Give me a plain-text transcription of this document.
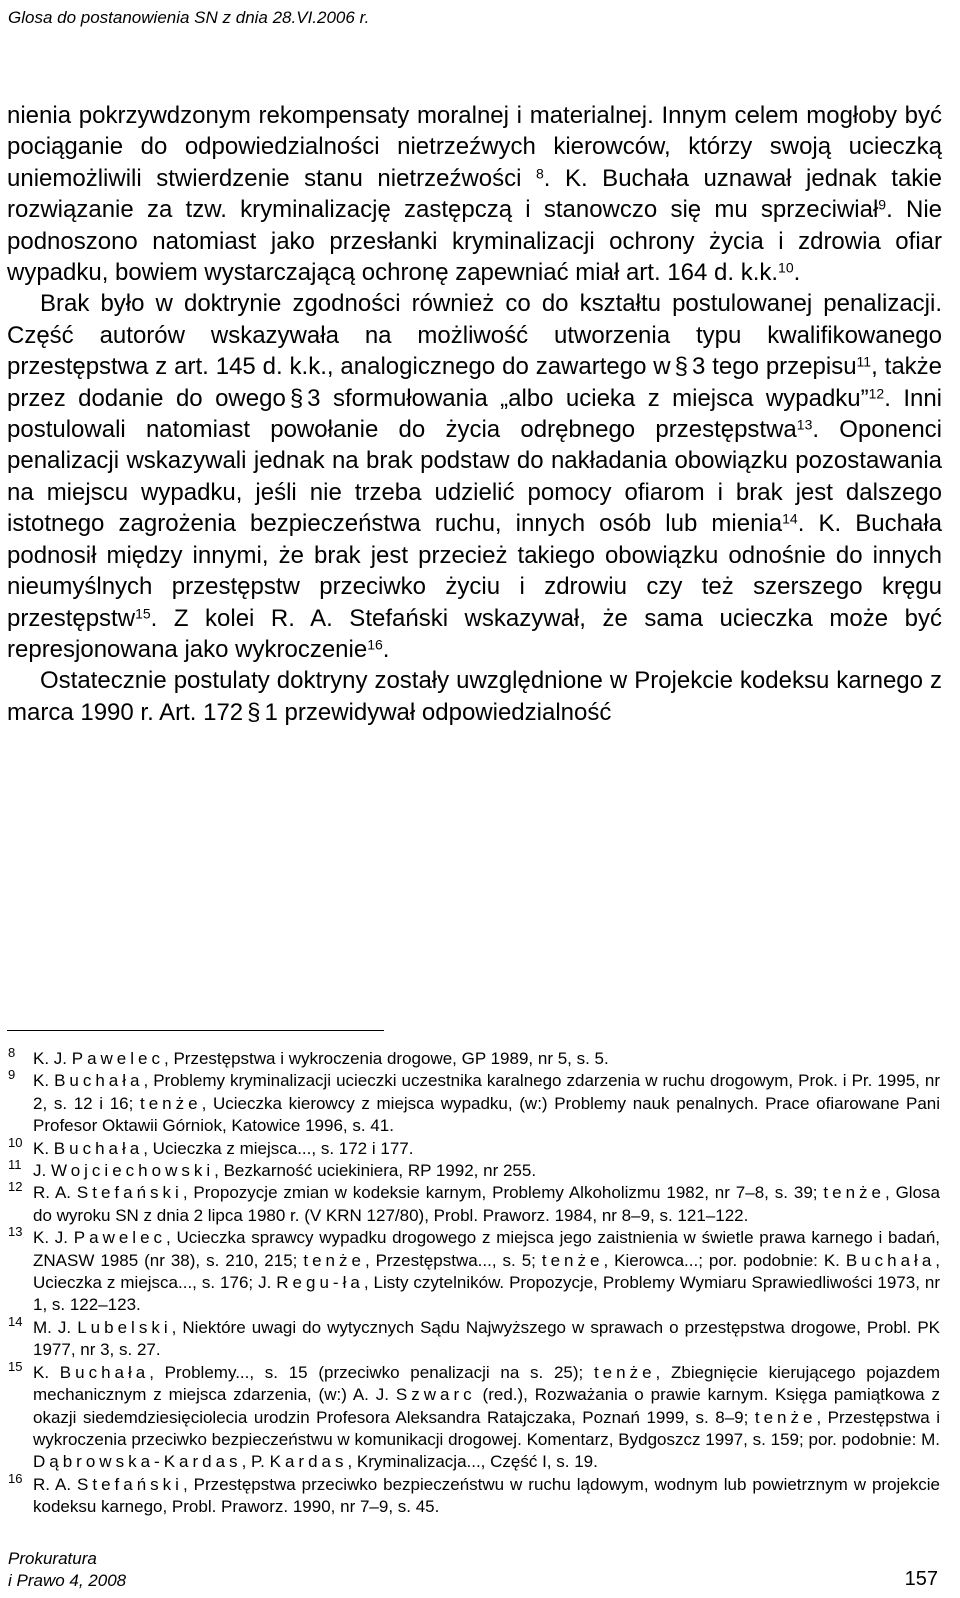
Glosa do postanowienia SN z dnia 28.VI.2006 r.

nienia pokrzywdzonym rekompensaty moralnej i materialnej. Innym celem mogłoby być pociąganie do odpowiedzialności nietrzeźwych kierowców, którzy swoją ucieczką uniemożliwili stwierdzenie stanu nietrzeźwości $^8$. K. Buchała uznawał jednak takie rozwiązanie za tzw. kryminalizację zastępczą i stanowczo się mu sprzeciwiał$^9$. Nie podnoszono natomiast jako przesłanki kryminalizacji ochrony życia i zdrowia ofiar wypadku, bowiem wystarczającą ochronę zapewniać miał art. 164 d. k.k.$^{10}$.

Brak było w doktrynie zgodności również co do kształtu postulowanej penalizacji. Część autorów wskazywała na możliwość utworzenia typu kwalifikowanego przestępstwa z art. 145 d. k.k., analogicznego do zawartego w § 3 tego przepisu$^{11}$, także przez dodanie do owego § 3 sformułowania „albo ucieka z miejsca wypadku”$^{12}$. Inni postulowali natomiast powołanie do życia odrębnego przestępstwa$^{13}$. Oponenci penalizacji wskazywali jednak na brak podstaw do nakładania obowiązku pozostawania na miejscu wypadku, jeśli nie trzeba udzielić pomocy ofiarom i brak jest dalszego istotnego zagrożenia bezpieczeństwa ruchu, innych osób lub mienia$^{14}$. K. Buchała podnosił między innymi, że brak jest przecież takiego obowiązku odnośnie do innych nieumyślnych przestępstw przeciwko życiu i zdrowiu czy też szerszego kręgu przestępstw$^{15}$. Z kolei R. A. Stefański wskazywał, że sama ucieczka może być represjonowana jako wykroczenie$^{16}$.

Ostatecznie postulaty doktryny zostały uwzględnione w Projekcie kodeksu karnego z marca 1990 r. Art. 172 § 1 przewidywał odpowiedzialność

8 K. J. Pawelec, Przestępstwa i wykroczenia drogowe, GP 1989, nr 5, s. 5.
9 K. Buchała, Problemy kryminalizacji ucieczki uczestnika karalnego zdarzenia w ruchu drogowym, Prok. i Pr. 1995, nr 2, s. 12 i 16; tenże, Ucieczka kierowcy z miejsca wypadku, (w:) Problemy nauk penalnych. Prace ofiarowane Pani Profesor Oktawii Górniok, Katowice 1996, s. 41.
10 K. Buchała, Ucieczka z miejsca..., s. 172 i 177.
11 J. Wojciechowski, Bezkarność uciekiniera, RP 1992, nr 255.
12 R. A. Stefański, Propozycje zmian w kodeksie karnym, Problemy Alkoholizmu 1982, nr 7–8, s. 39; tenże, Glosa do wyroku SN z dnia 2 lipca 1980 r. (V KRN 127/80), Probl. Praworz. 1984, nr 8–9, s. 121–122.
13 K. J. Pawelec, Ucieczka sprawcy wypadku drogowego z miejsca jego zaistnienia w świetle prawa karnego i badań, ZNASW 1985 (nr 38), s. 210, 215; tenże, Przestępstwa..., s. 5; tenże, Kierowca...; por. podobnie: K. Buchała, Ucieczka z miejsca..., s. 176; J. Regu-ła, Listy czytelników. Propozycje, Problemy Wymiaru Sprawiedliwości 1973, nr 1, s. 122–123.
14 M. J. Lubelski, Niektóre uwagi do wytycznych Sądu Najwyższego w sprawach o przestępstwa drogowe, Probl. PK 1977, nr 3, s. 27.
15 K. Buchała, Problemy..., s. 15 (przeciwko penalizacji na s. 25); tenże, Zbiegnięcie kierującego pojazdem mechanicznym z miejsca zdarzenia, (w:) A. J. Szwarc (red.), Rozważania o prawie karnym. Księga pamiątkowa z okazji siedemdziesięciolecia urodzin Profesora Aleksandra Ratajczaka, Poznań 1999, s. 8–9; tenże, Przestępstwa i wykroczenia przeciwko bezpieczeństwu w komunikacji drogowej. Komentarz, Bydgoszcz 1997, s. 159; por. podobnie: M. Dąbrowska-Kardas, P. Kardas, Kryminalizacja..., Część I, s. 19.
16 R. A. Stefański, Przestępstwa przeciwko bezpieczeństwu w ruchu lądowym, wodnym lub powietrznym w projekcie kodeksu karnego, Probl. Praworz. 1990, nr 7–9, s. 45.
Prokuratura
i Prawo 4, 2008	157
